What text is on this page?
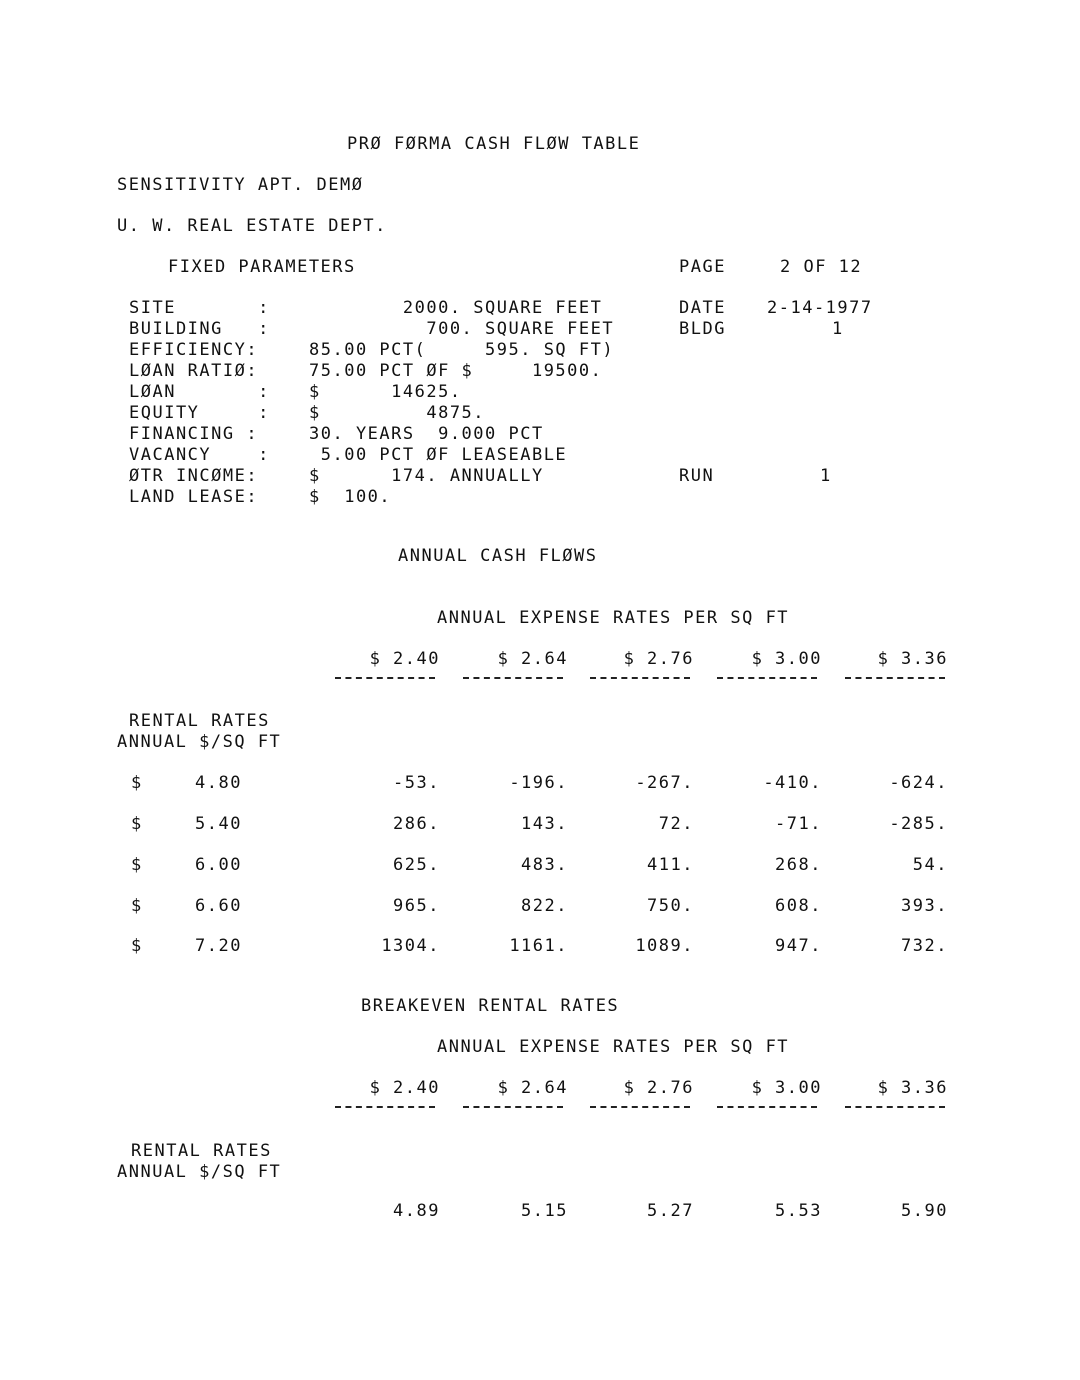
PRØ FØRMA CASH FLØW TABLE
SENSITIVITY APT. DEMØ
U. W. REAL ESTATE DEPT.
FIXED PARAMETERS	PAGE	2 OF 12
SITE       : 2000. SQUARE FEET
BUILDING   : 700. SQUARE FEET
EFFICIENCY:	85.00 PCT(     595. SQ FT)
LØAN RATIØ:	75.00 PCT ØF $     19500.
LØAN       : $      14625.
EQUITY     : $         4875.
FINANCING :	30. YEARS  9.000 PCT
VACANCY    : 5.00 PCT ØF LEASEABLE
ØTR INCØME:	$      174. ANNUALLY
LAND LEASE:	$  100.
DATE 2-14-1977
BLDG	1
RUN	1
ANNUAL CASH FLØWS
ANNUAL EXPENSE RATES PER SQ FT
$ 2.40	$ 2.64	$ 2.76	$ 3.00	$ 3.36
RENTAL RATES
ANNUAL $/SQ FT
$	4.80	-53.	-196.	-267.	-410.	-624.
$	5.40	286.	143.	72.	-71.	-285.
$	6.00	625.	483.	411.	268.	54.
$	6.60	965.	822.	750.	608.	393.
$	7.20	1304.	1161.	1089.	947.	732.
BREAKEVEN RENTAL RATES
ANNUAL EXPENSE RATES PER SQ FT
$ 2.40	$ 2.64	$ 2.76	$ 3.00	$ 3.36
RENTAL RATES
ANNUAL $/SQ FT
4.89	5.15	5.27	5.53	5.90
